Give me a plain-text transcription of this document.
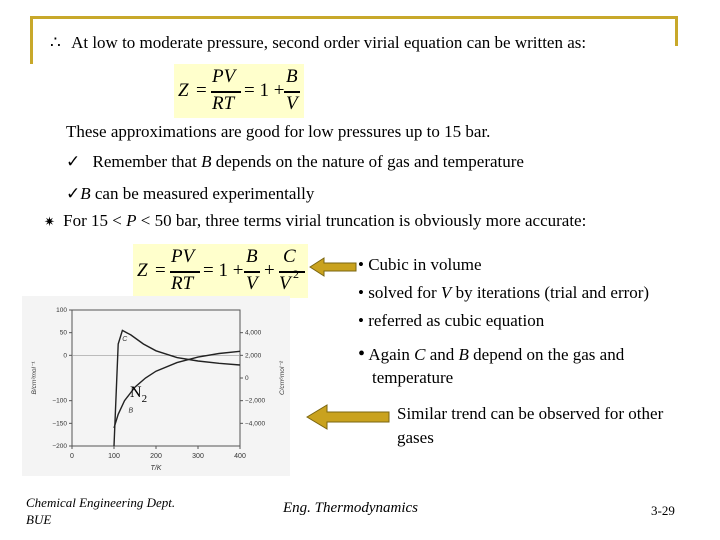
∴ At low to moderate pressure, second order virial equation can be written as:
Z =
PV
RT
= 1 +
B
V
These approximations are good for low pressures up to 15 bar.
✓ Remember that B depends on the nature of gas and temperature
✓B can be measured experimentally
✷ For 15 < P < 50 bar, three terms virial truncation is obviously more accurate:
Z =
PV
RT
= 1 +
B
V
+
C
V 2	• Cubic in volume
• solved for V by iterations (trial and error)
• referred as cubic equation
• Again C and B depend on the gas and
temperature
0	100	200	300	400
T/K
100
50
0
−100
−150
−200
4,000
2,000
0
−2,000
−4,000
B/cm³mol⁻¹	C/cm⁶mol⁻²
C
B
$N_2$
Similar trend can be observed for other
gases
Chemical Engineering Dept.
BUE
Eng. Thermodynamics	3-29
